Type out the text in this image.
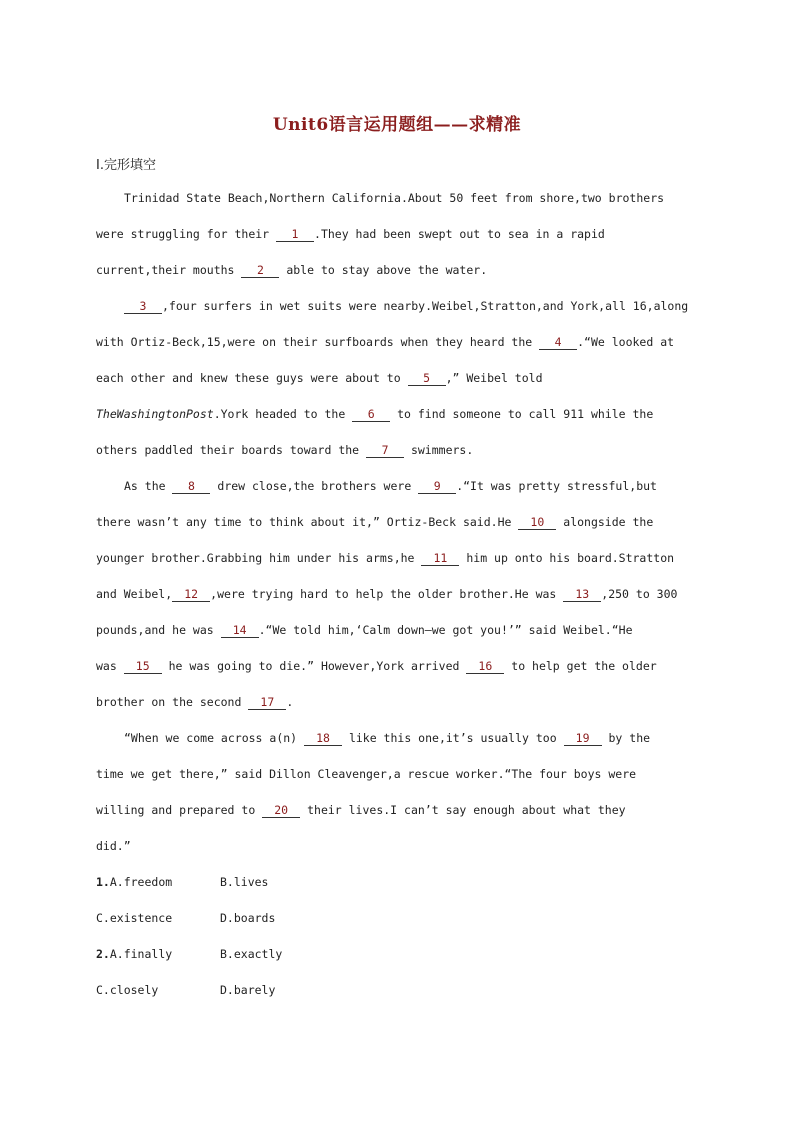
Unit6语言运用题组——求精准
Ⅰ.完形填空
Trinidad State Beach,Northern California.About 50 feet from shore,two brothers
were struggling for their 1 .They had been swept out to sea in a rapid
current,their mouths 2 able to stay above the water.
3 ,four surfers in wet suits were nearby.Weibel,Stratton,and York,all 16,along
with Ortiz-Beck,15,were on their surfboards when they heard the 4 .“We looked at
each other and knew these guys were about to 5 ,” Weibel told
TheWashingtonPost.York headed to the 6 to find someone to call 911 while the
others paddled their boards toward the 7 swimmers.
As the 8 drew close,the brothers were 9 .“It was pretty stressful,but
there wasn’t any time to think about it,” Ortiz-Beck said.He 10 alongside the
younger brother.Grabbing him under his arms,he 11 him up onto his board.Stratton
and Weibel, 12 ,were trying hard to help the older brother.He was 13 ,250 to 300
pounds,and he was 14 .“We told him,‘Calm down—we got you!’” said Weibel.“He
was 15 he was going to die.” However,York arrived 16 to help get the older
brother on the second 17 .
“When we come across a(n) 18 like this one,it’s usually too 19 by the
time we get there,” said Dillon Cleavenger,a rescue worker.“The four boys were
willing and prepared to 20 their lives.I can’t say enough about what they
did.”
1.A.freedom	B.lives
C.existence	D.boards
2.A.finally	B.exactly
C.closely	D.barely
